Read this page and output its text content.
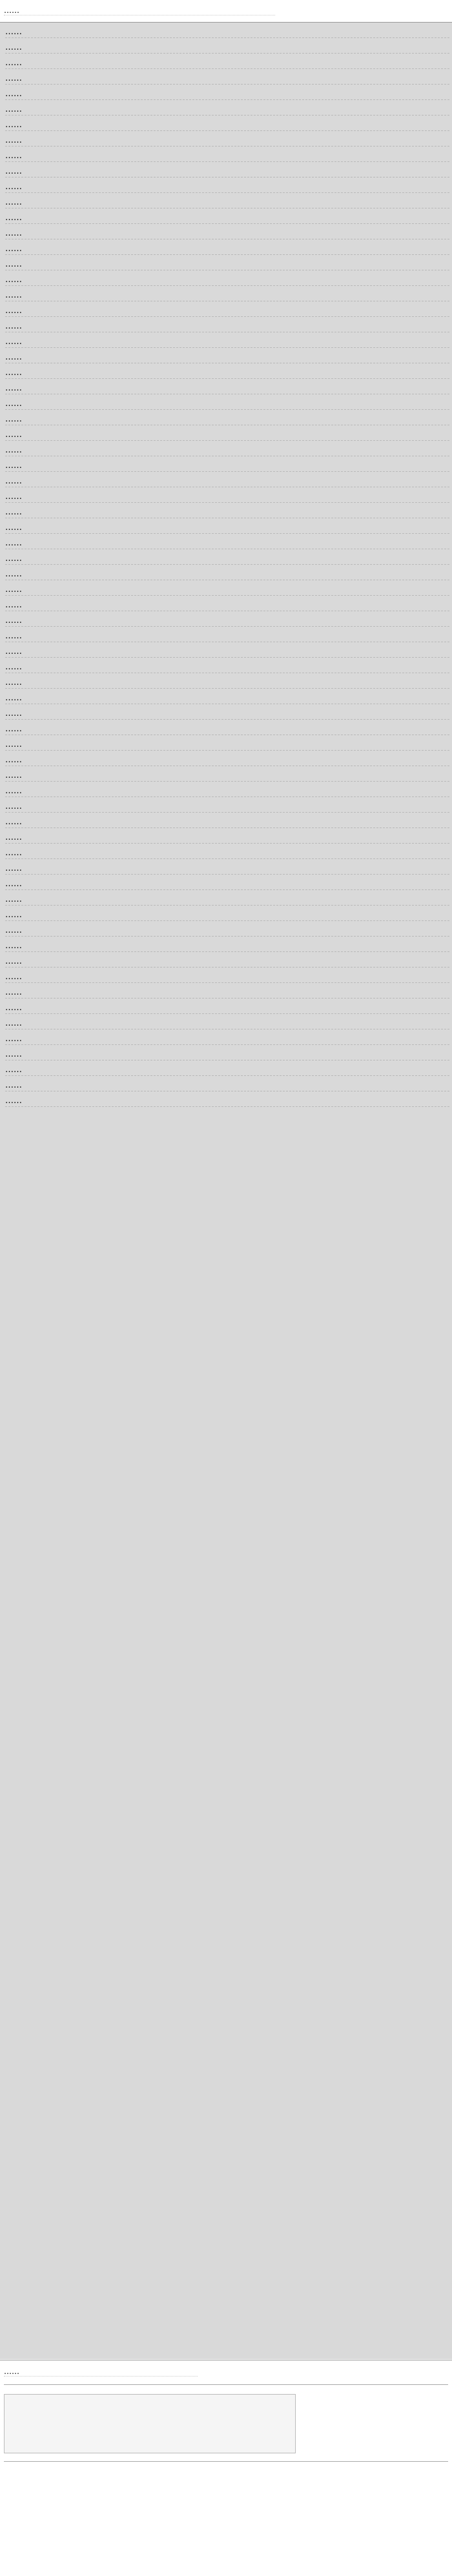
……
……
……
……
……
……
……
……
……
……
……
……
……
……
……
……
……
……
……
……
……
……
……
……
……
……
……
……
……
……
……
……
……
……
……
……
……
……
……
……
……
……
……
……
……
……
……
……
……
……
……
……
……
……
……
……
……
……
……
……
……
……
……
……
……
……
……
……
……
……
……
……
